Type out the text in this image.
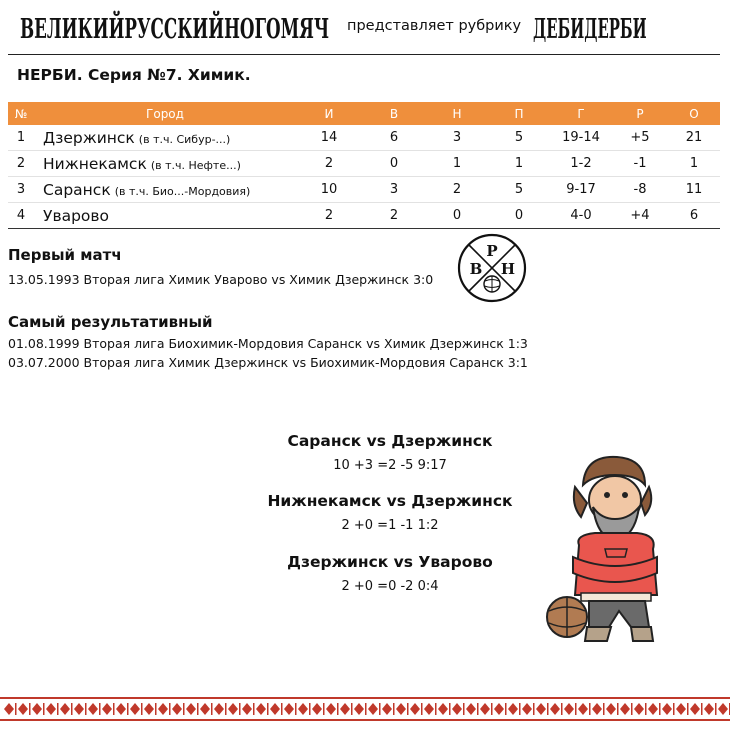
ВЕЛИКИЙРУССКИЙНОГОМЯЧ представляет рубрику ДЕБИДЕРБИ
НЕРБИ. Серия №7. Химик.
№	Город	И	В	Н	П	Г	Р	О
1	Дзержинск (в т.ч. Сибур-...)	14	6	3	5	19-14	+5	21
2	Нижнекамск (в т.ч. Нефте...)	2	0	1	1	1-2	-1	1
3	Саранск (в т.ч. Био...-Мордовия)	10	3	2	5	9-17	-8	11
4	Уварово	2	2	0	0	4-0	+4	6
Р
В Н
Первый матч
13.05.1993 Вторая лига Химик Уварово vs Химик Дзержинск 3:0
Самый результативный
01.08.1999 Вторая лига Биохимик-Мордовия Саранск vs Химик Дзержинск 1:3
03.07.2000 Вторая лига Химик Дзержинск vs Биохимик-Мордовия Саранск 3:1
Саранск vs Дзержинск
10 +3 =2 -5 9:17
Нижнекамск vs Дзержинск
2 +0 =1 -1 1:2
Дзержинск vs Уварово
2 +0 =0 -2 0:4
